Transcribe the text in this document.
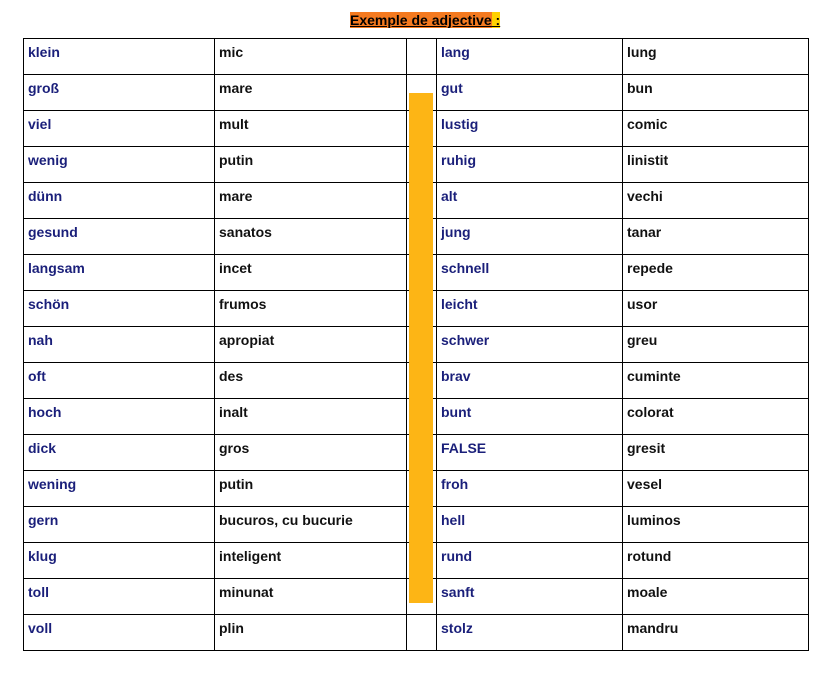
Exemple de adjective :
klein	mic		lang	lung
groß	mare		gut	bun
viel	mult		lustig	comic
wenig	putin		ruhig	linistit
dünn	mare		alt	vechi
gesund	sanatos		jung	tanar
langsam	incet		schnell	repede
schön	frumos		leicht	usor
nah	apropiat		schwer	greu
oft	des		brav	cuminte
hoch	inalt		bunt	colorat
dick	gros		FALSE	gresit
wening	putin		froh	vesel
gern	bucuros, cu bucurie		hell	luminos
klug	inteligent		rund	rotund
toll	minunat		sanft	moale
voll	plin		stolz	mandru
